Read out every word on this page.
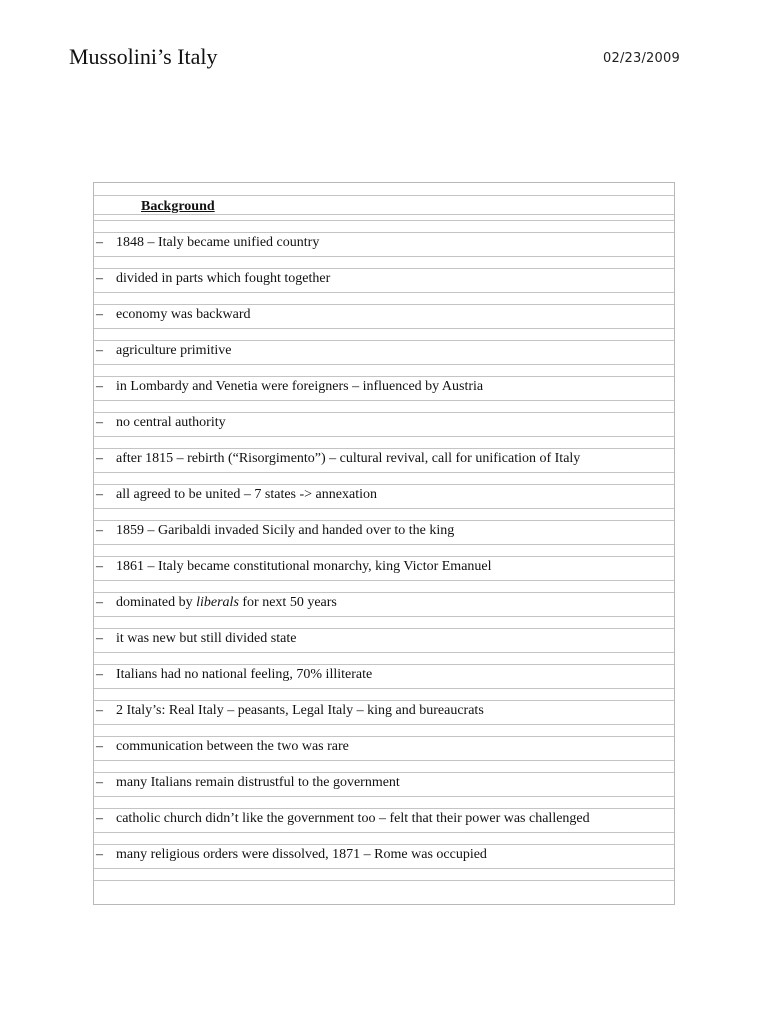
Mussolini’s Italy	02/23/2009
Background
– 1848 – Italy became unified country
– divided in parts which fought together
– economy was backward
– agriculture primitive
– in Lombardy and Venetia were foreigners – influenced by Austria
– no central authority
– after 1815 – rebirth (“Risorgimento”) – cultural revival, call for unification of Italy
– all agreed to be united – 7 states -> annexation
– 1859 – Garibaldi invaded Sicily and handed over to the king
– 1861 – Italy became constitutional monarchy, king Victor Emanuel
– dominated by liberals for next 50 years
– it was new but still divided state
– Italians had no national feeling, 70% illiterate
– 2 Italy’s: Real Italy – peasants, Legal Italy – king and bureaucrats
– communication between the two was rare
– many Italians remain distrustful to the government
– catholic church didn’t like the government too – felt that their power was challenged
– many religious orders were dissolved, 1871 – Rome was occupied
